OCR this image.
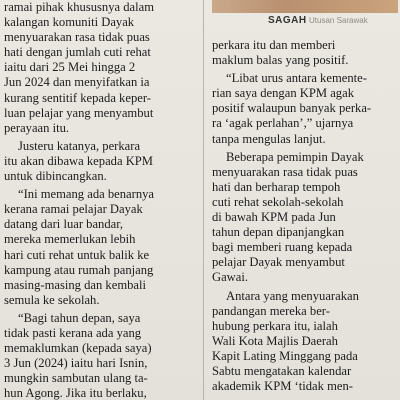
SAGAH Utusan Sarawak

ramai pihak khususnya dalam
kalangan komuniti Dayak
menyuarakan rasa tidak puas
hati dengan jumlah cuti rehat
iaitu dari 25 Mei hingga 2
Jun 2024 dan menyifatkan ia
kurang sentitif kepada keper-
luan pelajar yang menyambut
perayaan itu.

Justeru katanya, perkara
itu akan dibawa kepada KPM
untuk dibincangkan.

“Ini memang ada benarnya
kerana ramai pelajar Dayak
datang dari luar bandar,
mereka memerlukan lebih
hari cuti rehat untuk balik ke
kampung atau rumah panjang
masing-masing dan kembali
semula ke sekolah.

“Bagi tahun depan, saya
tidak pasti kerana ada yang
memaklumkan (kepada saya)
3 Jun (2024) iaitu hari Isnin,
mungkin sambutan ulang ta-
hun Agong. Jika itu berlaku,

perkara itu dan memberi
maklum balas yang positif.

“Libat urus antara kemente-
rian saya dengan KPM agak
positif walaupun banyak perka-
ra ‘agak perlahan’,” ujarnya
tanpa mengulas lanjut.

Beberapa pemimpin Dayak
menyuarakan rasa tidak puas
hati dan berharap tempoh
cuti rehat sekolah-sekolah
di bawah KPM pada Jun
tahun depan dipanjangkan
bagi memberi ruang kepada
pelajar Dayak menyambut
Gawai.

Antara yang menyuarakan
pandangan mereka ber-
hubung perkara itu, ialah
Wali Kota Majlis Daerah
Kapit Lating Minggang pada
Sabtu mengatakan kalendar
akademik KPM ‘tidak men-
